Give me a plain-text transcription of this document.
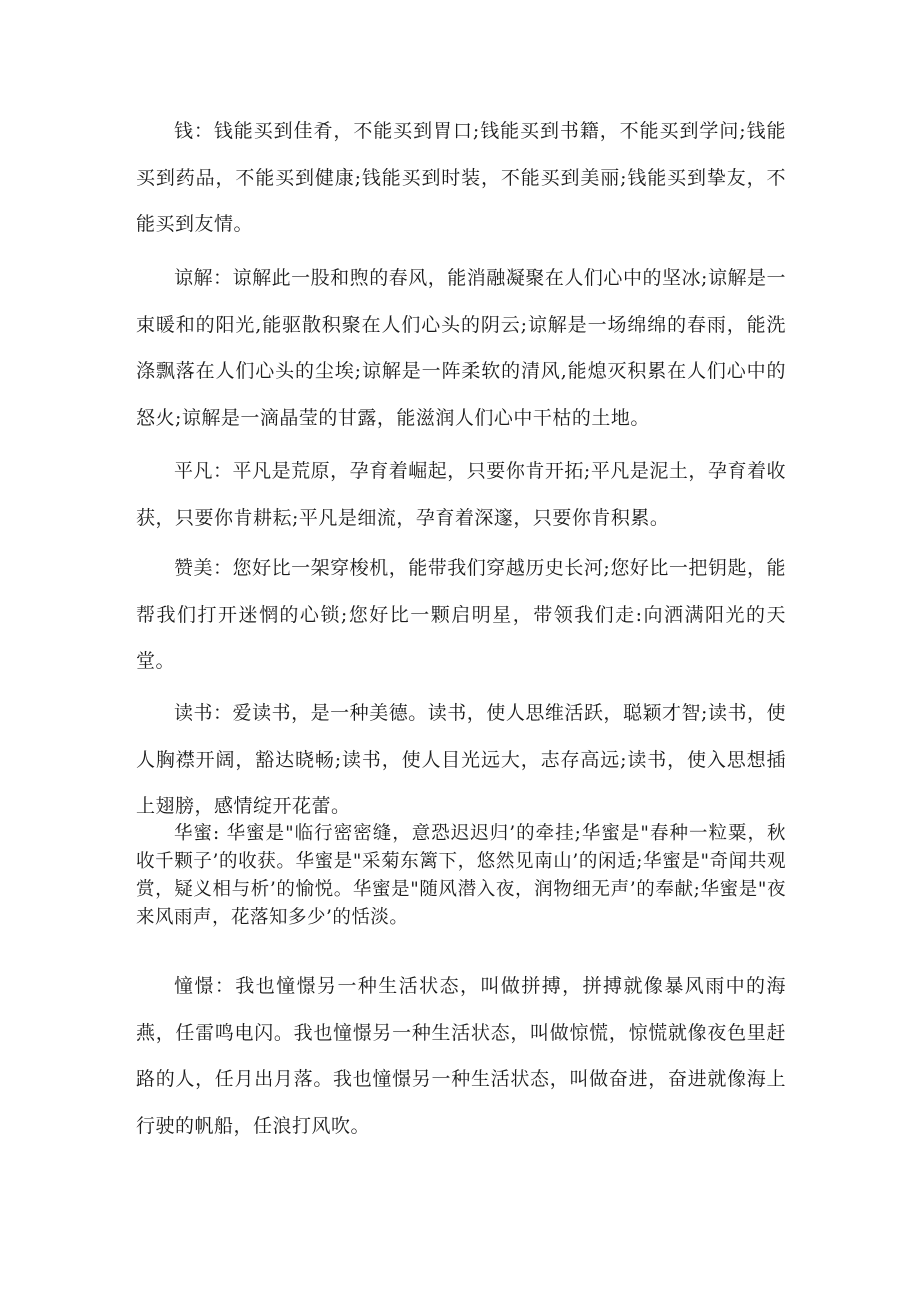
钱：钱能买到佳肴，不能买到胃口;钱能买到书籍，不能买到学问;钱能买到药品，不能买到健康;钱能买到时装，不能买到美丽;钱能买到挚友，不能买到友情。

谅解：谅解此一股和煦的春风，能消融凝聚在人们心中的坚冰;谅解是一束暖和的阳光,能驱散积聚在人们心头的阴云;谅解是一场绵绵的春雨，能洗涤飘落在人们心头的尘埃;谅解是一阵柔软的清风,能熄灭积累在人们心中的怒火;谅解是一滴晶莹的甘露，能滋润人们心中干枯的土地。

平凡：平凡是荒原，孕育着崛起，只要你肯开拓;平凡是泥土，孕育着收获，只要你肯耕耘;平凡是细流，孕育着深邃，只要你肯积累。

赞美：您好比一架穿梭机，能带我们穿越历史长河;您好比一把钥匙，能帮我们打开迷惘的心锁;您好比一颗启明星，带领我们走:向洒满阳光的天堂。

读书：爱读书，是一种美德。读书，使人思维活跃，聪颖才智;读书，使人胸襟开阔，豁达晓畅;读书，使人目光远大，志存高远;读书，使入思想插上翅膀，感情绽开花蕾。

华蜜: 华蜜是"临行密密缝，意恐迟迟归’的牵挂;华蜜是"春种一粒粟，秋收千颗子’的收获。华蜜是"采菊东篱下，悠然见南山’的闲适;华蜜是"奇闻共观赏，疑义相与析’的愉悦。华蜜是"随风潜入夜，润物细无声’的奉献;华蜜是"夜来风雨声，花落知多少’的恬淡。

憧憬：我也憧憬另一种生活状态，叫做拼搏，拼搏就像暴风雨中的海燕，任雷鸣电闪。我也憧憬另一种生活状态，叫做惊慌，惊慌就像夜色里赶路的人，任月出月落。我也憧憬另一种生活状态，叫做奋进，奋进就像海上行驶的帆船，任浪打风吹。
